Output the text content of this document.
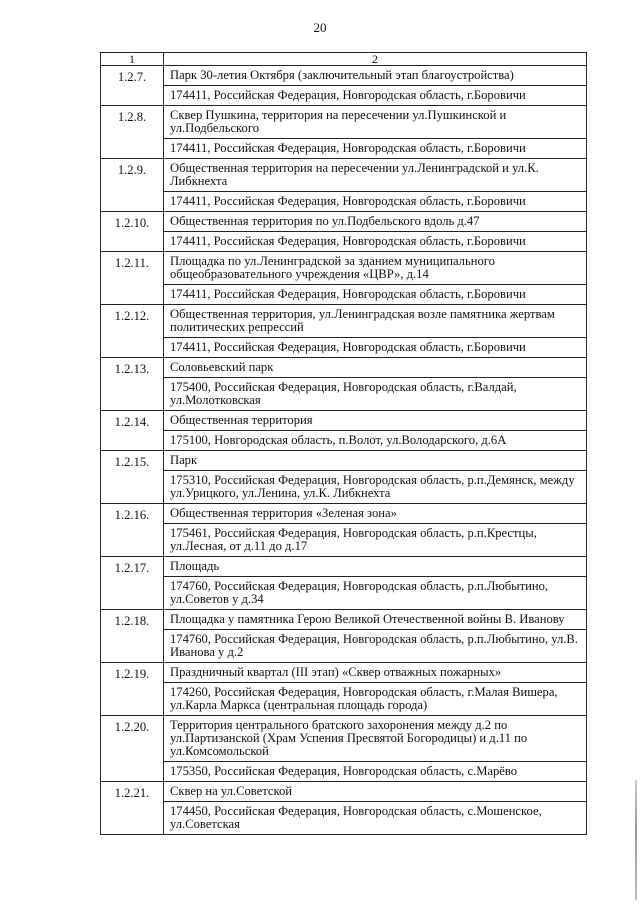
20
1	2
1.2.7.	Парк 30-летия Октября (заключительный этап благоустройства)
174411, Российская Федерация, Новгородская область, г.Боровичи

1.2.8.	Сквер Пушкина, территория на пересечении ул.Пушкинской и ул.Подбельского
174411, Российская Федерация, Новгородская область, г.Боровичи

1.2.9.	Общественная территория на пересечении ул.Ленинградской и ул.К. Либкнехта
174411, Российская Федерация, Новгородская область, г.Боровичи

1.2.10.	Общественная территория по ул.Подбельского вдоль д.47
174411, Российская Федерация, Новгородская область, г.Боровичи

1.2.11.	Площадка по ул.Ленинградской за зданием муниципального общеобразовательного учреждения «ЦВР», д.14
174411, Российская Федерация, Новгородская область, г.Боровичи

1.2.12.	Общественная территория, ул.Ленинградская возле памятника жертвам политических репрессий
174411, Российская Федерация, Новгородская область, г.Боровичи

1.2.13.	Соловьевский парк
175400, Российская Федерация, Новгородская область, г.Валдай, ул.Молотковская

1.2.14.	Общественная территория
175100, Новгородская область, п.Волот, ул.Володарского, д.6А

1.2.15.	Парк
175310, Российская Федерация, Новгородская область, р.п.Демянск, между ул.Урицкого, ул.Ленина, ул.К. Либкнехта

1.2.16.	Общественная территория «Зеленая зона»
175461, Российская Федерация, Новгородская область, р.п.Крестцы, ул.Лесная, от д.11 до д.17

1.2.17.	Площадь
174760, Российская Федерация, Новгородская область, р.п.Любытино, ул.Советов у д.34

1.2.18.	Площадка у памятника Герою Великой Отечественной войны В. Иванову
174760, Российская Федерация, Новгородская область, р.п.Любытино, ул.В. Иванова у д.2

1.2.19.	Праздничный квартал (III этап) «Сквер отважных пожарных»
174260, Российская Федерация, Новгородская область, г.Малая Вишера, ул.Карла Маркса (центральная площадь города)

1.2.20.	Территория центрального братского захоронения между д.2 по ул.Партизанской (Храм Успения Пресвятой Богородицы) и д.11 по ул.Комсомольской
175350, Российская Федерация, Новгородская область, с.Марёво

1.2.21.	Сквер на ул.Советской
174450, Российская Федерация, Новгородская область, с.Мошенское, ул.Советская
